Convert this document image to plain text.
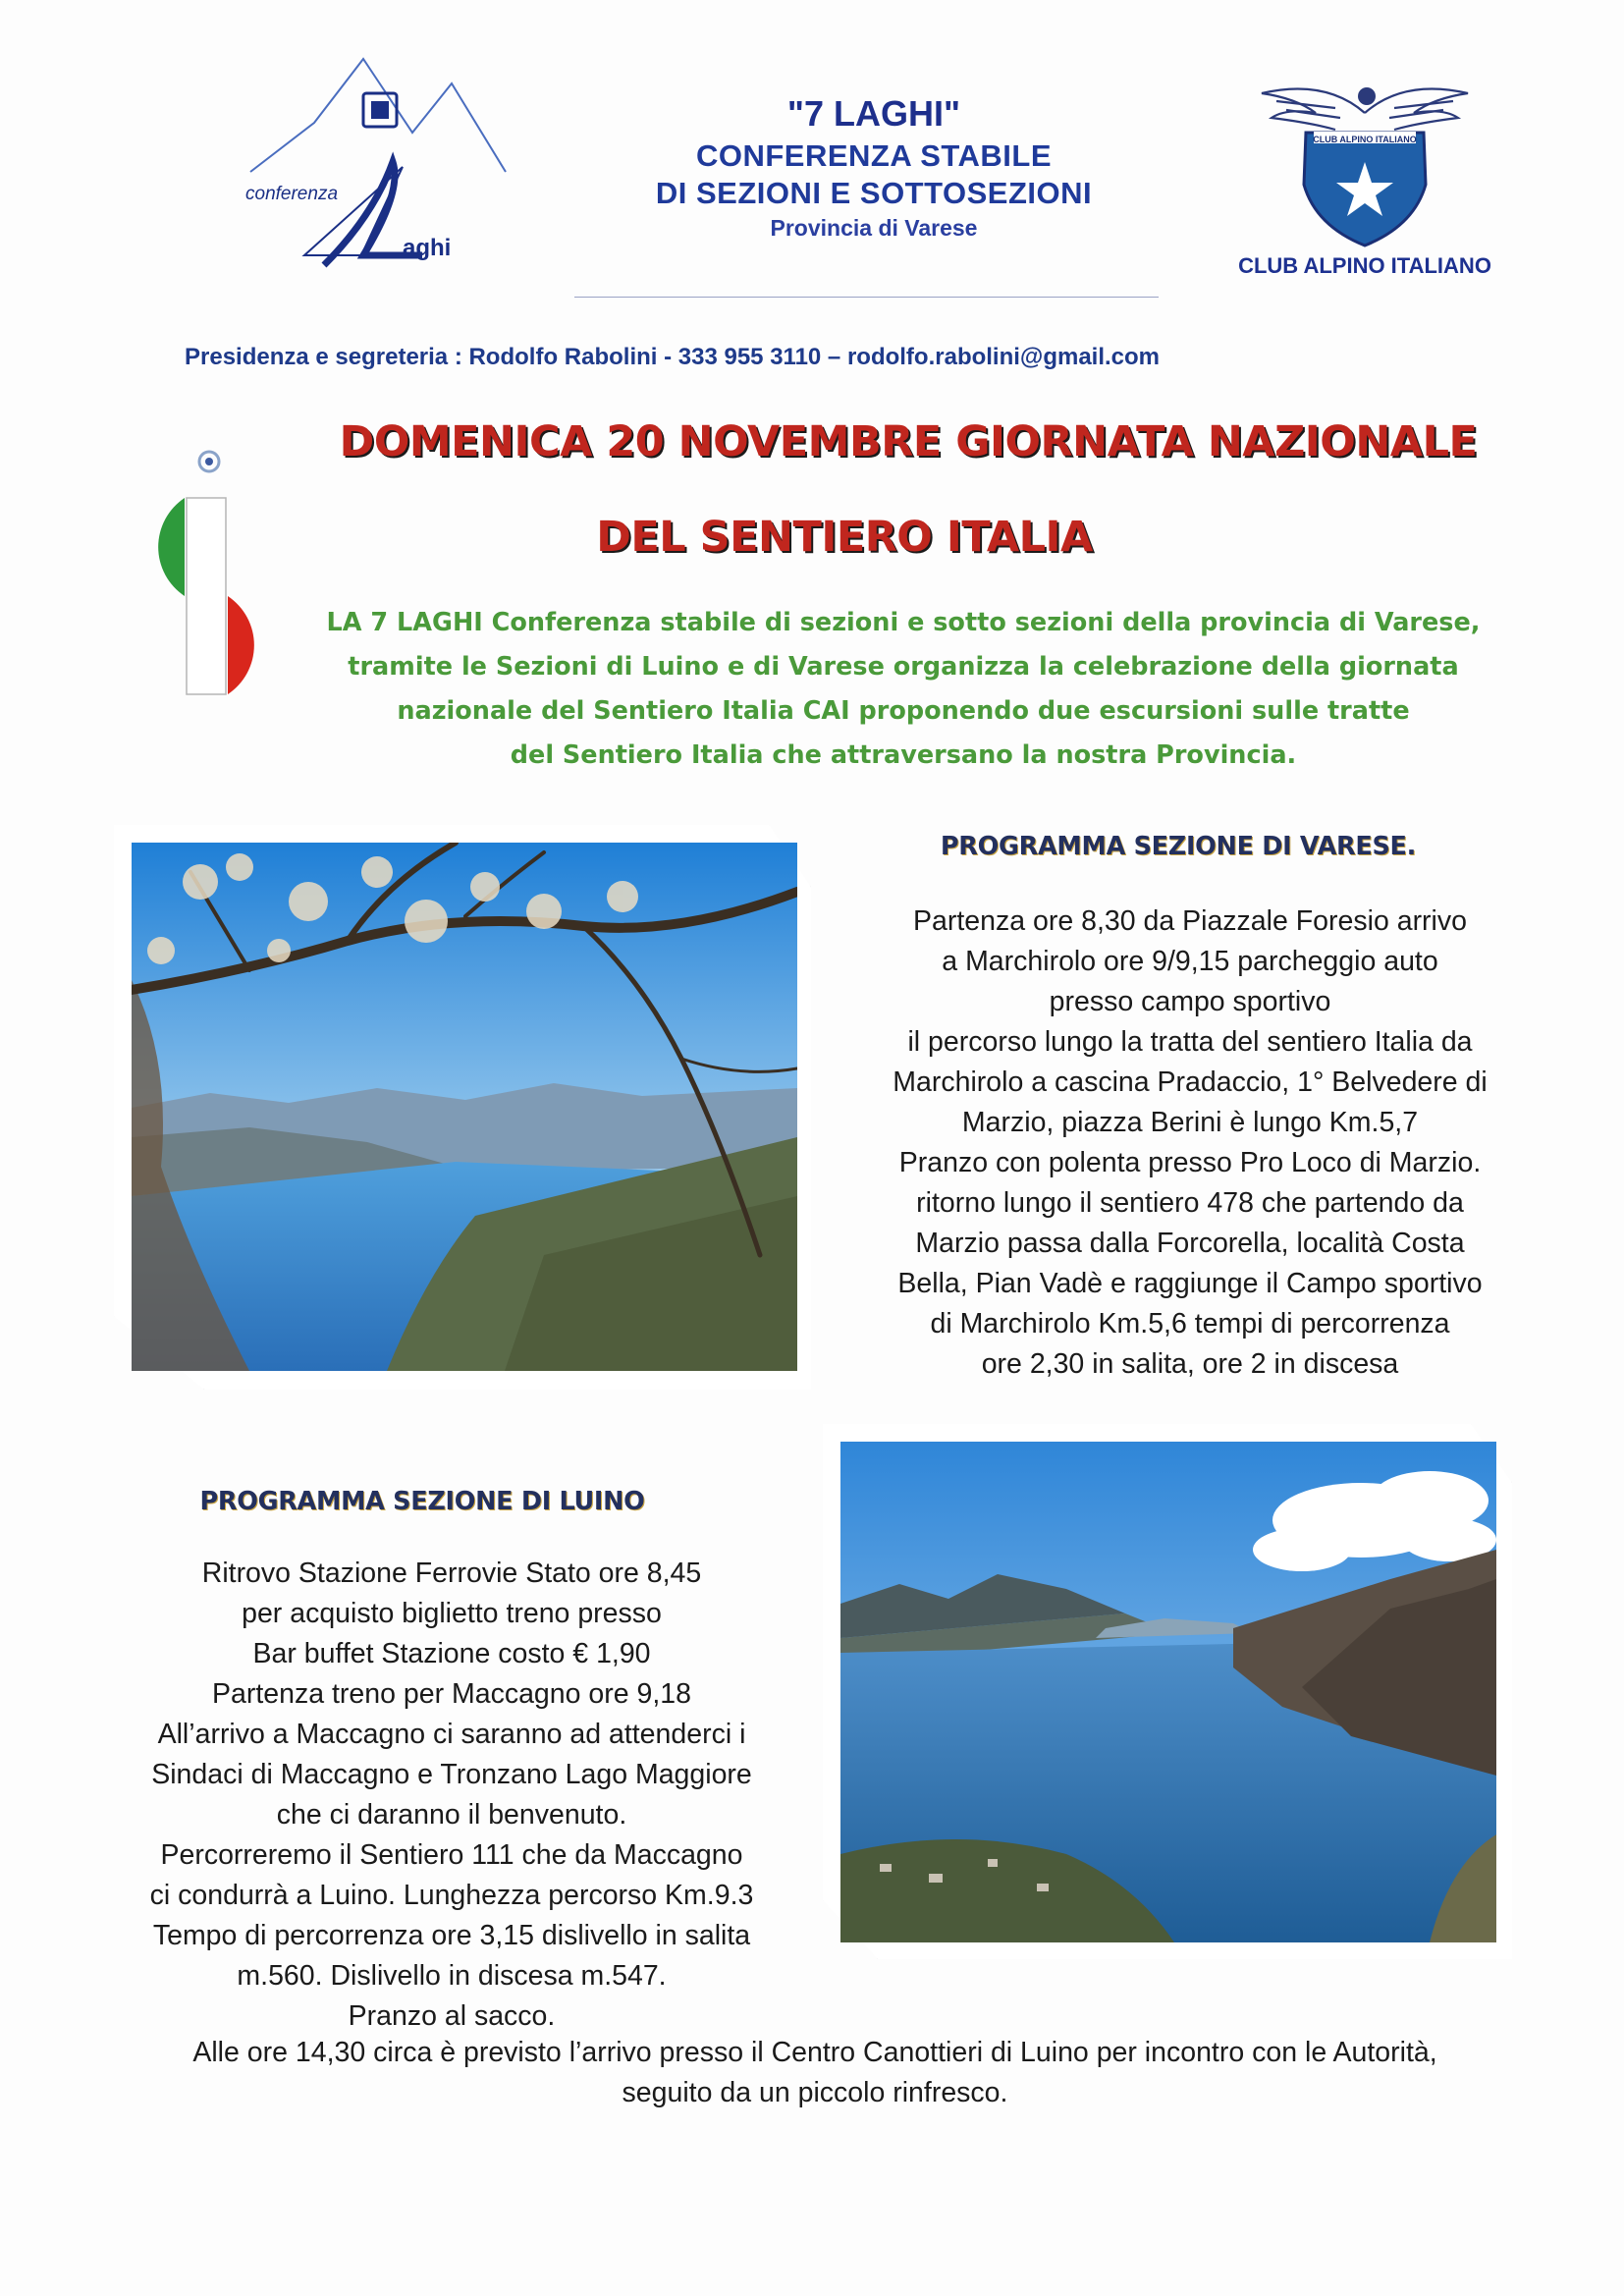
conferenza
aghi
"7 LAGHI"
CONFERENZA STABILE
DI SEZIONI E SOTTOSEZIONI
Provincia di Varese
CLUB ALPINO ITALIANO
CLUB ALPINO ITALIANO
Presidenza e segreteria : Rodolfo Rabolini - 333 955 3110 – rodolfo.rabolini@gmail.com
DOMENICA 20 NOVEMBRE GIORNATA NAZIONALE
DEL SENTIERO ITALIA
LA 7 LAGHI Conferenza stabile di sezioni e sotto sezioni della provincia di Varese,
tramite le Sezioni di Luino e di Varese organizza la celebrazione della giornata
nazionale del Sentiero Italia CAI proponendo due escursioni sulle tratte
del Sentiero Italia che attraversano la nostra Provincia.
PROGRAMMA SEZIONE DI VARESE.
Partenza ore 8,30 da Piazzale Foresio arrivo
a Marchirolo ore 9/9,15 parcheggio auto
presso campo sportivo
il percorso lungo la tratta del sentiero Italia da
Marchirolo a cascina Pradaccio, 1° Belvedere di
Marzio, piazza Berini è lungo Km.5,7
Pranzo con polenta presso Pro Loco di Marzio.
ritorno lungo il sentiero 478 che partendo da
Marzio passa dalla Forcorella, località Costa
Bella, Pian Vadè e raggiunge il Campo sportivo
di Marchirolo Km.5,6 tempi di percorrenza
ore 2,30 in salita, ore 2 in discesa
PROGRAMMA SEZIONE DI LUINO
Ritrovo Stazione Ferrovie Stato ore 8,45
per acquisto biglietto treno presso
Bar buffet Stazione costo € 1,90
Partenza treno per Maccagno ore 9,18
All’arrivo a Maccagno ci saranno ad attenderci i
Sindaci di Maccagno e Tronzano Lago Maggiore
che ci daranno il benvenuto.
Percorreremo il Sentiero 111 che da Maccagno
ci condurrà a Luino. Lunghezza percorso Km.9.3
Tempo di percorrenza ore 3,15 dislivello in salita
m.560. Dislivello in discesa m.547.
Pranzo al sacco.
Alle ore 14,30 circa è previsto l’arrivo presso il Centro Canottieri di Luino per incontro con le Autorità,
seguito da un piccolo rinfresco.
